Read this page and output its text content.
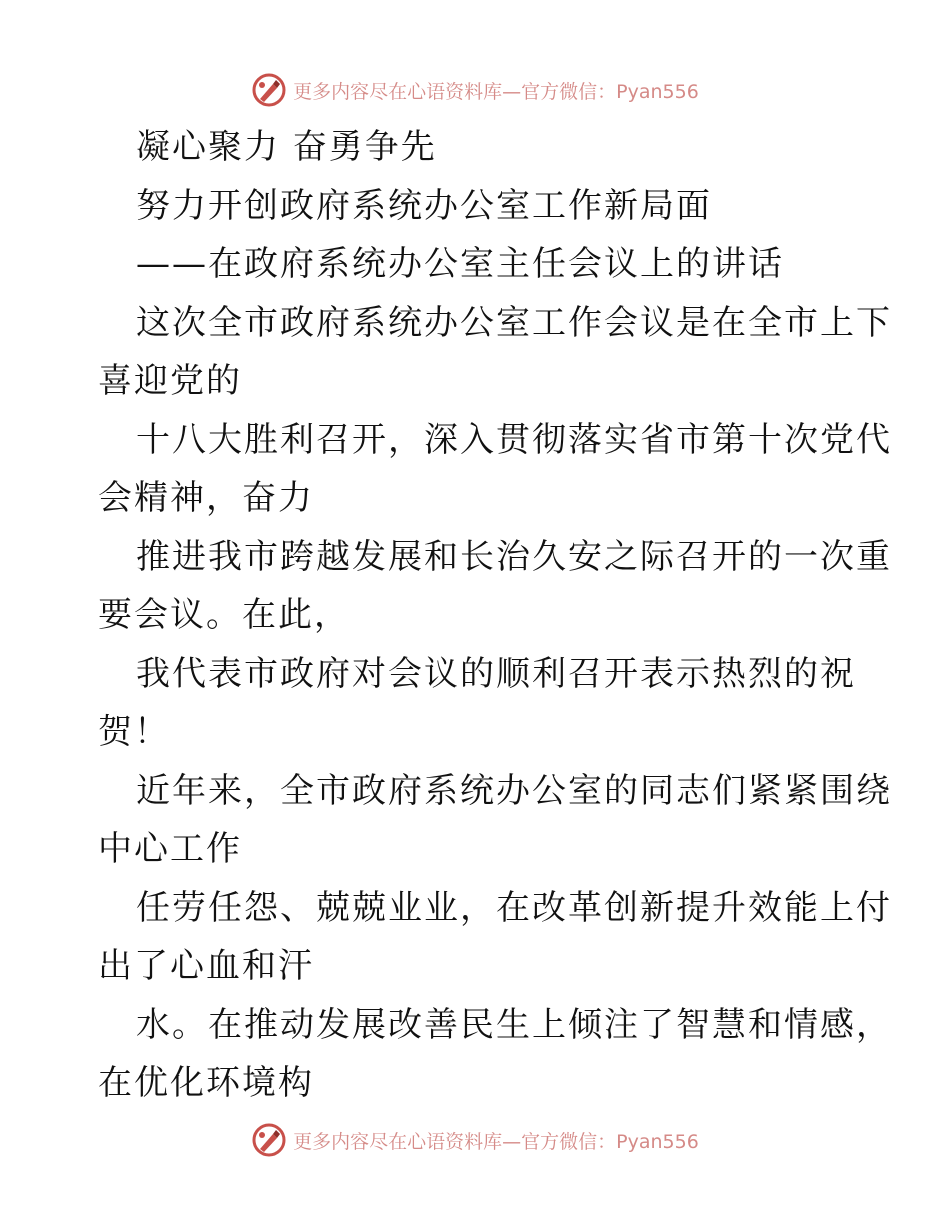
更多内容尽在心语资料库—官方微信：Pyan556
凝心聚力 奋勇争先
努力开创政府系统办公室工作新局面
——在政府系统办公室主任会议上的讲话
这次全市政府系统办公室工作会议是在全市上下
喜迎党的
十八大胜利召开，深入贯彻落实省市第十次党代
会精神，奋力
推进我市跨越发展和长治久安之际召开的一次重
要会议。在此，
我代表市政府对会议的顺利召开表示热烈的祝
贺！
近年来，全市政府系统办公室的同志们紧紧围绕
中心工作
任劳任怨、兢兢业业，在改革创新提升效能上付
出了心血和汗
水。在推动发展改善民生上倾注了智慧和情感，
在优化环境构
更多内容尽在心语资料库—官方微信：Pyan556
